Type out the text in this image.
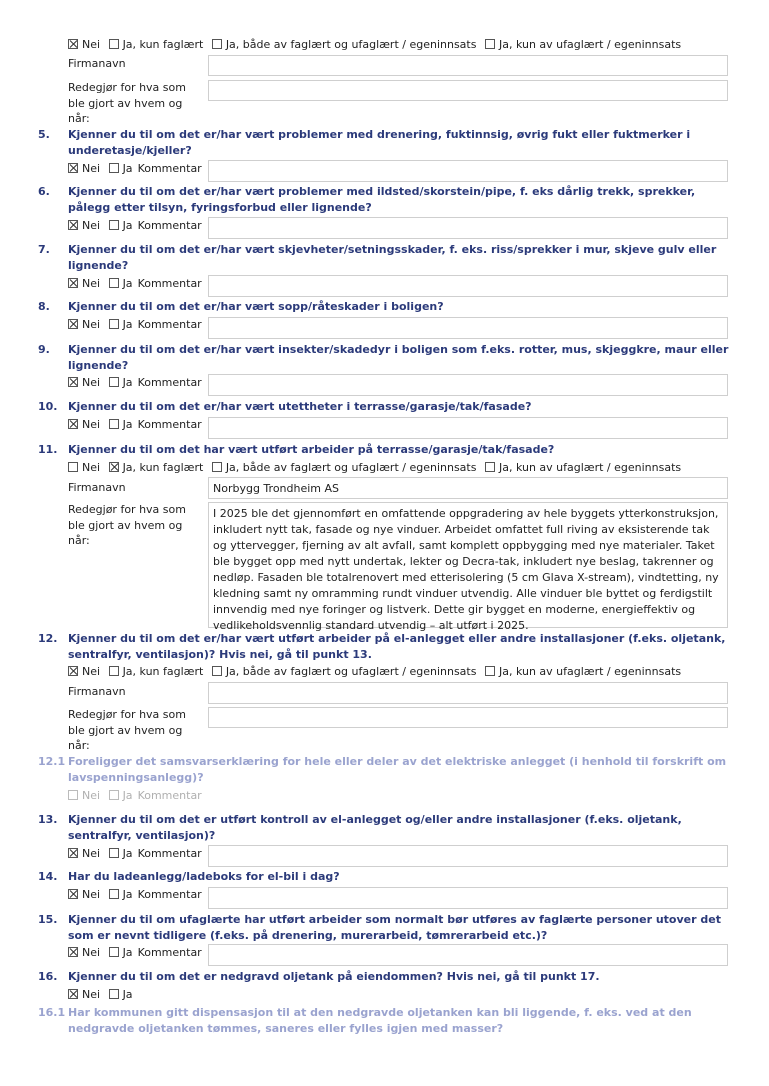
Nei Ja, kun faglært Ja, både av faglært og ufaglært / egeninnsats Ja, kun av ufaglært / egeninnsats
Firmanavn
Redegjør for hva som ble gjort av hvem og når:
5. Kjenner du til om det er/har vært problemer med drenering, fuktinnsig, øvrig fukt eller fuktmerker i underetasje/kjeller?
Nei Ja Kommentar
6. Kjenner du til om det er/har vært problemer med ildsted/skorstein/pipe, f. eks dårlig trekk, sprekker, pålegg etter tilsyn, fyringsforbud eller lignende?
Nei Ja Kommentar
7. Kjenner du til om det er/har vært skjevheter/setningsskader, f. eks. riss/sprekker i mur, skjeve gulv eller lignende?
Nei Ja Kommentar
8. Kjenner du til om det er/har vært sopp/råteskader i boligen?
Nei Ja Kommentar
9. Kjenner du til om det er/har vært insekter/skadedyr i boligen som f.eks. rotter, mus, skjeggkre, maur eller lignende?
Nei Ja Kommentar
10. Kjenner du til om det er/har vært utettheter i terrasse/garasje/tak/fasade?
Nei Ja Kommentar
11. Kjenner du til om det har vært utført arbeider på terrasse/garasje/tak/fasade?
Nei Ja, kun faglært Ja, både av faglært og ufaglært / egeninnsats Ja, kun av ufaglært / egeninnsats
Firmanavn	Norbygg Trondheim AS
Redegjør for hva som ble gjort av hvem og når:
I 2025 ble det gjennomført en omfattende oppgradering av hele byggets ytterkonstruksjon, inkludert nytt tak, fasade og nye vinduer. Arbeidet omfattet full riving av eksisterende tak og yttervegger, fjerning av alt avfall, samt komplett oppbygging med nye materialer. Taket ble bygget opp med nytt undertak, lekter og Decra-tak, inkludert nye beslag, takrenner og nedløp. Fasaden ble totalrenovert med etterisolering (5 cm Glava X-stream), vindtetting, ny kledning samt ny omramming rundt vinduer utvendig. Alle vinduer ble byttet og ferdigstilt innvendig med nye foringer og listverk. Dette gir bygget en moderne, energieffektiv og vedlikeholdsvennlig standard utvendig – alt utført i 2025.
12. Kjenner du til om det er/har vært utført arbeider på el-anlegget eller andre installasjoner (f.eks. oljetank, sentralfyr, ventilasjon)? Hvis nei, gå til punkt 13.
Nei Ja, kun faglært Ja, både av faglært og ufaglært / egeninnsats Ja, kun av ufaglært / egeninnsats
Firmanavn
Redegjør for hva som ble gjort av hvem og når:
12.1 Foreligger det samsvarserklæring for hele eller deler av det elektriske anlegget (i henhold til forskrift om lavspenningsanlegg)?
Nei Ja Kommentar
13. Kjenner du til om det er utført kontroll av el-anlegget og/eller andre installasjoner (f.eks. oljetank, sentralfyr, ventilasjon)?
Nei Ja Kommentar
14. Har du ladeanlegg/ladeboks for el-bil i dag?
Nei Ja Kommentar
15. Kjenner du til om ufaglærte har utført arbeider som normalt bør utføres av faglærte personer utover det som er nevnt tidligere (f.eks. på drenering, murerarbeid, tømrerarbeid etc.)?
Nei Ja Kommentar
16. Kjenner du til om det er nedgravd oljetank på eiendommen? Hvis nei, gå til punkt 17.
Nei Ja
16.1 Har kommunen gitt dispensasjon til at den nedgravde oljetanken kan bli liggende, f. eks. ved at den nedgravde oljetanken tømmes, saneres eller fylles igjen med masser?
